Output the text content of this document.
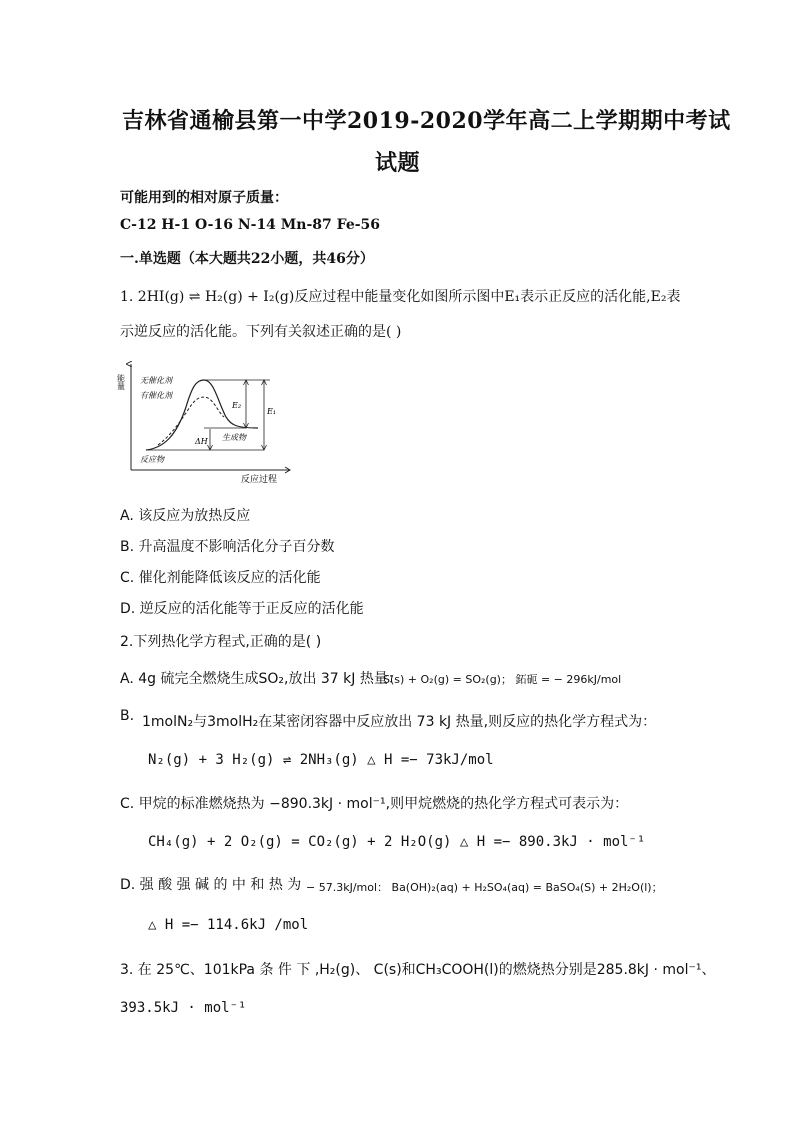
吉林省通榆县第一中学2019-2020学年高二上学期期中考试
试题
可能用到的相对原子质量：
C-12 H-1 O-16 N-14 Mn-87 Fe-56
一.单选题（本大题共22小题，共46分）
1. 2HI(g) ⇌ H₂(g) + I₂(g)反应过程中能量变化如图所示图中E₁表示正反应的活化能,E₂表
示逆反应的活化能。下列有关叙述正确的是( )
能量
反应过程
无催化剂
有催化剂
E₂
E₁
ΔH 生成物
反应物
A. 该反应为放热反应
B. 升高温度不影响活化分子百分数
C. 催化剂能降低该反应的活化能
D. 逆反应的活化能等于正反应的活化能
2.下列热化学方程式,正确的是( )
A. 4g 硫完全燃烧生成SO₂,放出 37 kJ 热量：
S(s) + O₂(g) = SO₂(g)； 鉐砈 = − 296kJ/mol
B. 1molN₂与3molH₂在某密闭容器中反应放出 73 kJ 热量,则反应的热化学方程式为：
N₂(g) + 3 H₂(g) ⇌ 2NH₃(g) △ H =− 73kJ/mol
C. 甲烷的标准燃烧热为 −890.3kJ · mol⁻¹,则甲烷燃烧的热化学方程式可表示为：
CH₄(g) + 2 O₂(g) = CO₂(g) + 2 H₂O(g) △ H =− 890.3kJ · mol⁻¹
D. 强 酸 强 碱 的 中 和 热 为 − 57.3kJ/mol： Ba(OH)₂(aq) + H₂SO₄(aq) = BaSO₄(S) + 2H₂O(l)；
△ H =− 114.6kJ /mol
3. 在 25℃、101kPa 条 件 下 ,H₂(g)、 C(s)和CH₃COOH(l)的燃烧热分别是285.8kJ · mol⁻¹、
393.5kJ · mol⁻¹
